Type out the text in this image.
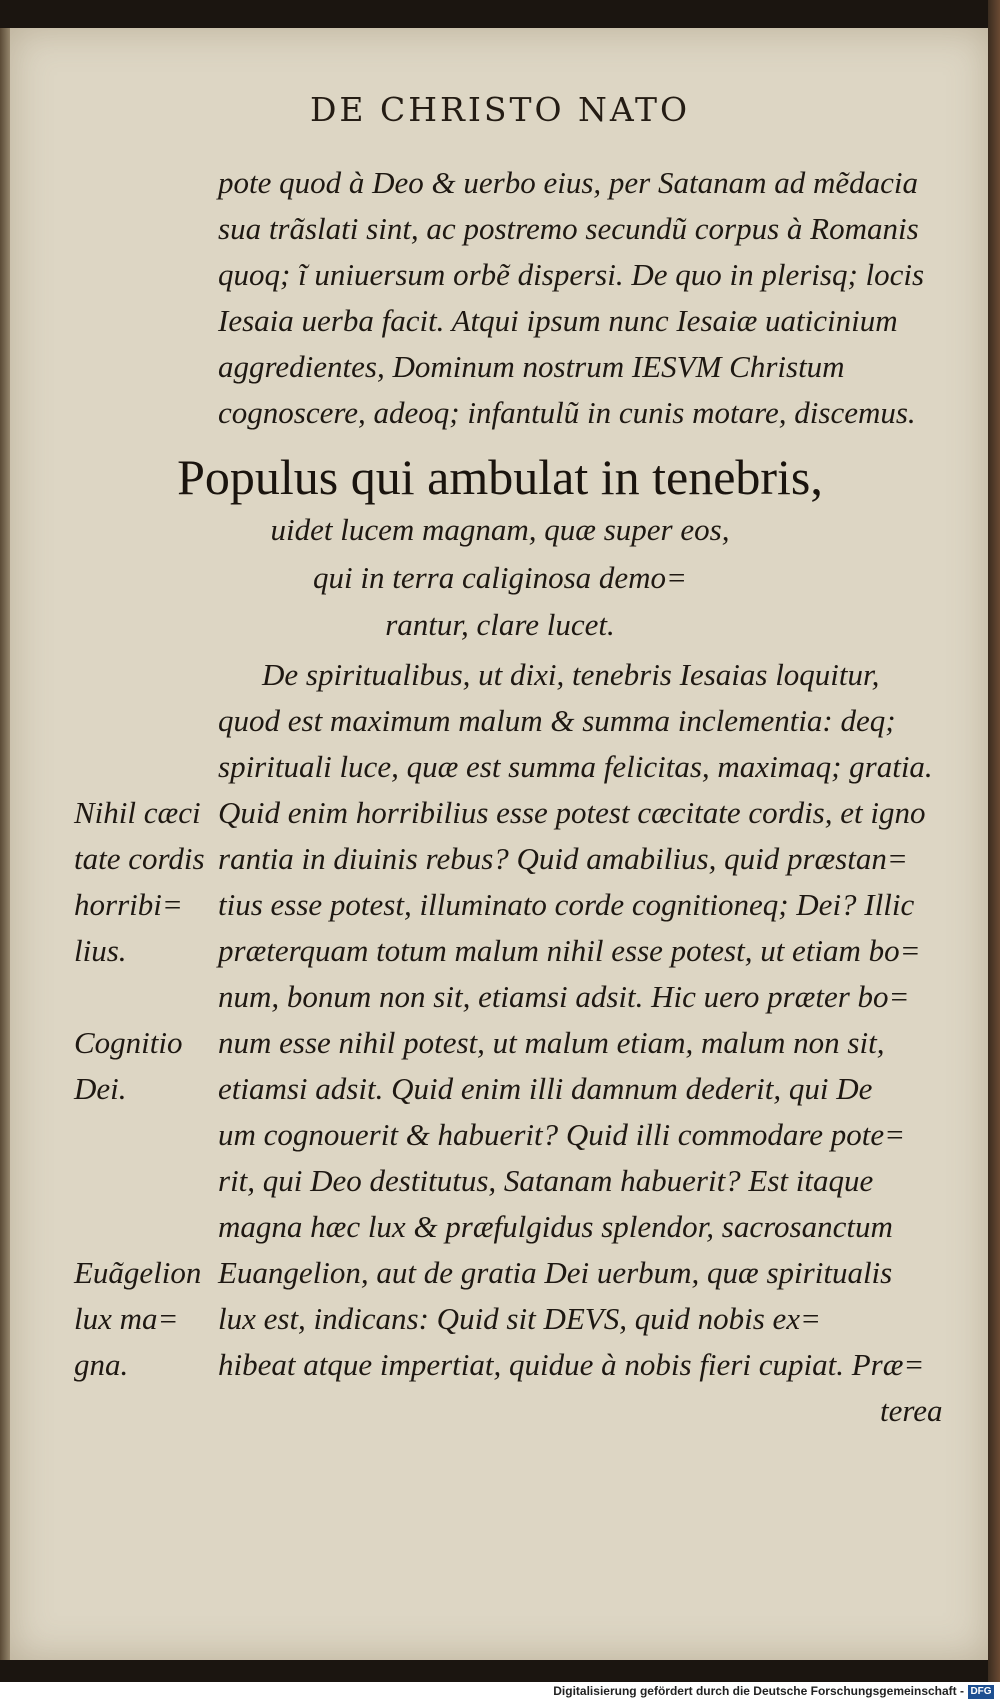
DE CHRISTO NATO
pote quod à Deo & uerbo eius, per Satanam ad mẽdacia
sua trãslati sint, ac postremo secundũ corpus à Romanis
quoq; ĩ uniuersum orbẽ dispersi. De quo in plerisq; locis
Iesaia uerba facit. Atqui ipsum nunc Iesaiæ uaticinium
aggredientes, Dominum nostrum IESVM Christum
cognoscere, adeoq; infantulũ in cunis motare, discemus.
Populus qui ambulat in tenebris,
uidet lucem magnam, quæ super eos,
qui in terra caliginosa demo=
rantur, clare lucet.
De spiritualibus, ut dixi, tenebris Iesaias loquitur,
quod est maximum malum & summa inclementia: deq;
spirituali luce, quæ est summa felicitas, maximaq; gratia.
Quid enim horribilius esse potest cæcitate cordis, et igno
rantia in diuinis rebus? Quid amabilius, quid præstan=
tius esse potest, illuminato corde cognitioneq; Dei? Illic
præterquam totum malum nihil esse potest, ut etiam bo=
num, bonum non sit, etiamsi adsit. Hic uero præter bo=
num esse nihil potest, ut malum etiam, malum non sit,
etiamsi adsit. Quid enim illi damnum dederit, qui De
um cognouerit & habuerit? Quid illi commodare pote=
rit, qui Deo destitutus, Satanam habuerit? Est itaque
magna hæc lux & præfulgidus splendor, sacrosanctum
Euangelion, aut de gratia Dei uerbum, quæ spiritualis
lux est, indicans: Quid sit DEVS, quid nobis ex=
hibeat atque impertiat, quidue à nobis fieri cupiat. Præ=
terea
Nihil cæci
tate cordis
horribi=
lius.
Cognitio
Dei.
Euãgelion
lux ma=
gna.
Digitalisierung gefördert durch die Deutsche Forschungsgemeinschaft - DFG
